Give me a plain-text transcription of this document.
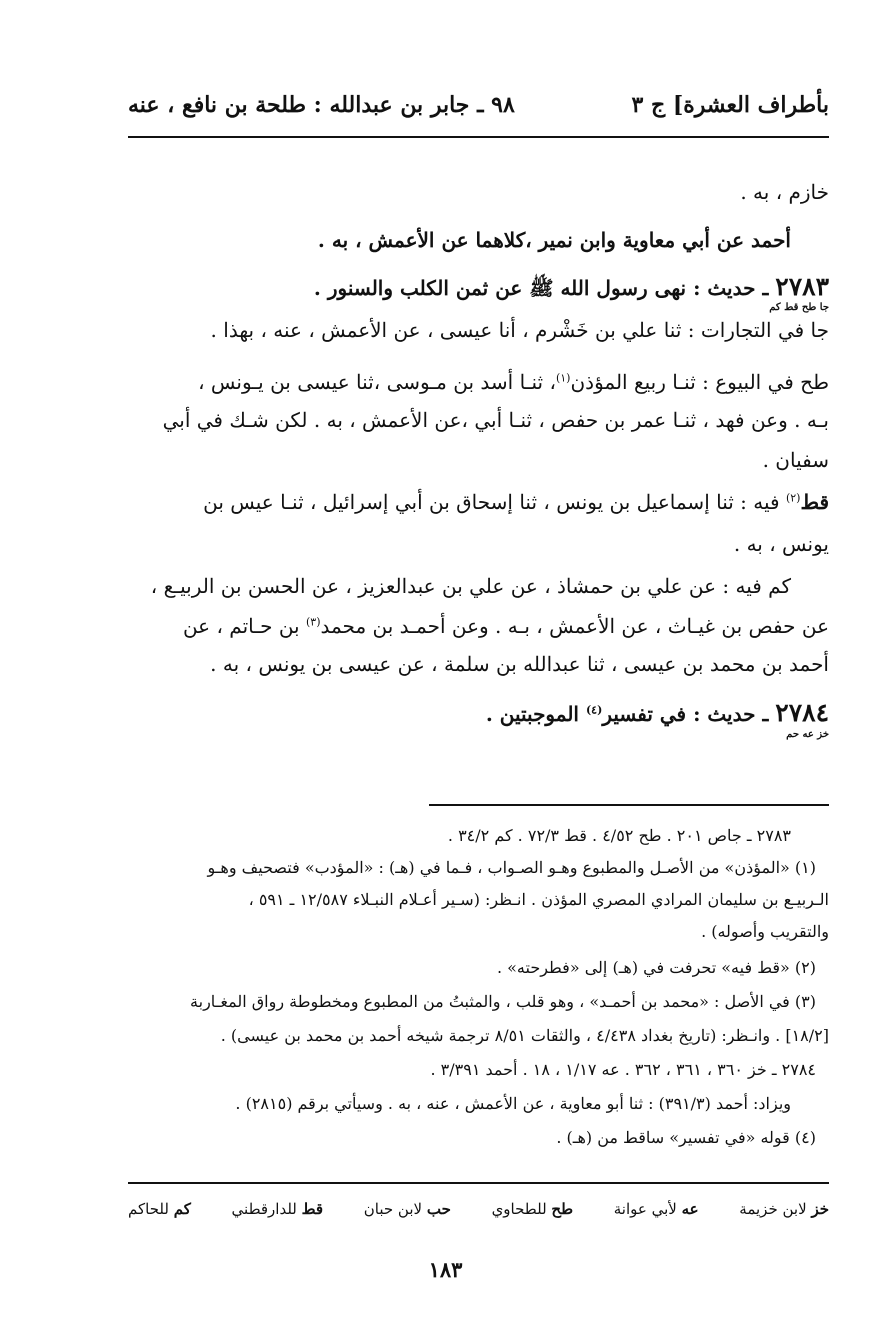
بأطراف العشرة] ج ٣
٩٨ ـ جابر بن عبدالله : طلحة بن نافع ، عنه
خازم ، به .
أحمد عن أبي معاوية وابن نمير ،كلاهما عن الأعمش ، به .
٢٧٨٣ ـ حديث : نهى رسول الله ﷺ عن ثمن الكلب والسنور .
جا طح قط كم
جا في التجارات : ثنا علي بن خَشْرم ، أنا عيسى ، عن الأعمش ، عنه ، بهذا .
طح في البيوع : ثنـا ربيع المؤذن$^{(١)}$، ثنـا أسد بن مـوسى ،ثنا عيسى بن يـونس ،
بـه . وعن فهد ، ثنـا عمر بن حفص ، ثنـا أبي ،عن الأعمش ، به . لكن شـك في أبي
سفيان .
قط$^{(٢)}$ فيه : ثنا إسماعيل بن يونس ، ثنا إسحاق بن أبي إسرائيل ، ثنـا عيس بن
يونس ، به .
كم فيه : عن علي بن حمشاذ ، عن علي بن عبدالعزيز ، عن الحسن بن الربيـع ،
عن حفص بن غيـاث ، عن الأعمش ، بـه . وعن أحمـد بن محمد$^{(٣)}$ بن حـاتم ، عن
أحمد بن محمد بن عيسى ، ثنا عبدالله بن سلمة ، عن عيسى بن يونس ، به .
٢٧٨٤ ـ حديث : في تفسير$^{(٤)}$ الموجبتين .
خز عه حم
٢٧٨٣ ـ جاص ٢٠١ . طح ٤/٥٢ . قط ٧٢/٣ . كم ٣٤/٢ .
(١) «المؤذن» من الأصـل والمطبوع وهـو الصـواب ، فـما في (هـ) : «المؤدب» فتصحيف وهـو
الـربيـع بن سليمان المرادي المصري المؤذن . انـظر: (سـير أعـلام النبـلاء ١٢/٥٨٧ ـ ٥٩١ ،
والتقريب وأصوله) .
(٢) «قط فيه» تحرفت في (هـ) إلى «فطرحته» .
(٣) في الأصل : «محمد بن أحمـد» ، وهو قلب ، والمثبتُ من المطبوع ومخطوطة رواق المغـاربة
[١٨/٢] . وانـظر: (تاريخ بغداد ٤/٤٣٨ ، والثقات ٨/٥١ ترجمة شيخه أحمد بن محمد بن عيسى) .
٢٧٨٤ ـ خز ٣٦٠ ، ٣٦١ ، ٣٦٢ . عه ١/١٧ ، ١٨ . أحمد ٣/٣٩١ .
ويزاد: أحمد (٣٩١/٣) : ثنا أبو معاوية ، عن الأعمش ، عنه ، به . وسيأتي برقم (٢٨١٥) .
(٤) قوله «في تفسير» ساقط من (هـ) .
خز لابن خزيمة
عه لأبي عوانة
طح للطحاوي
حب لابن حبان
قط للدارقطني
كم للحاكم
١٨٣
